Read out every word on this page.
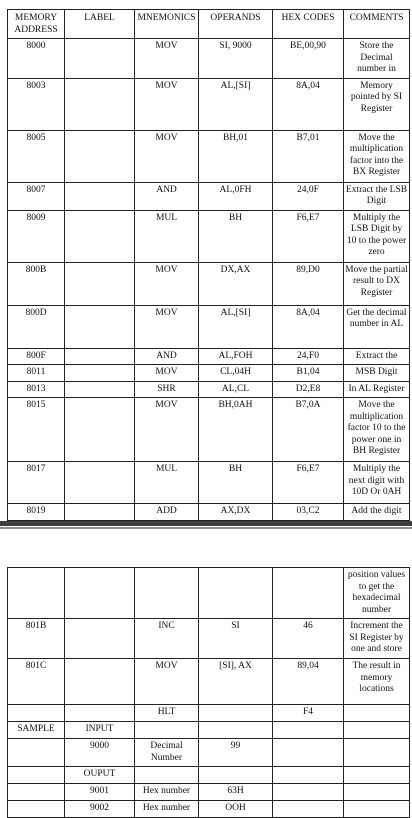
MEMORY ADDRESS	LABEL	MNEMONICS	OPERANDS	HEX CODES	COMMENTS
8000		MOV	SI, 9000	BE,00,90	Store the Decimal number in
8003		MOV	AL,[SI]	8A,04	Memory pointed by SI Register
8005		MOV	BH,01	B7,01	Move the multiplication factor into the BX Register
8007		AND	AL,0FH	24,0F	Extract the LSB Digit
8009		MUL	BH	F6,E7	Multiply the LSB Digit by 10 to the power zero
800B		MOV	DX,AX	89,D0	Move the partial result to DX Register
800D		MOV	AL,[SI]	8A,04	Get the decimal number in AL
800F		AND	AL,FOH	24,F0	Extract the
8011		MOV	CL,04H	B1,04	MSB Digit
8013		SHR	AL,CL	D2,E8	In AL Register
8015		MOV	BH,0AH	B7,0A	Move the multiplication factor 10 to the power one in BH Register
8017		MUL	BH	F6,E7	Multiply the next digit with 10D Or 0AH
8019		ADD	AX,DX	03,C2	Add the digit
					position values to get the hexadecimal number
801B		INC	SI	46	Increment the SI Register by one and store
801C		MOV	[SI], AX	89,04	The result in memory locations
		HLT		F4	
SAMPLE	INPUT				
	9000	Decimal Number	99		
	OUPUT				
	9001	Hex number	63H		
	9002	Hex number	OOH		
